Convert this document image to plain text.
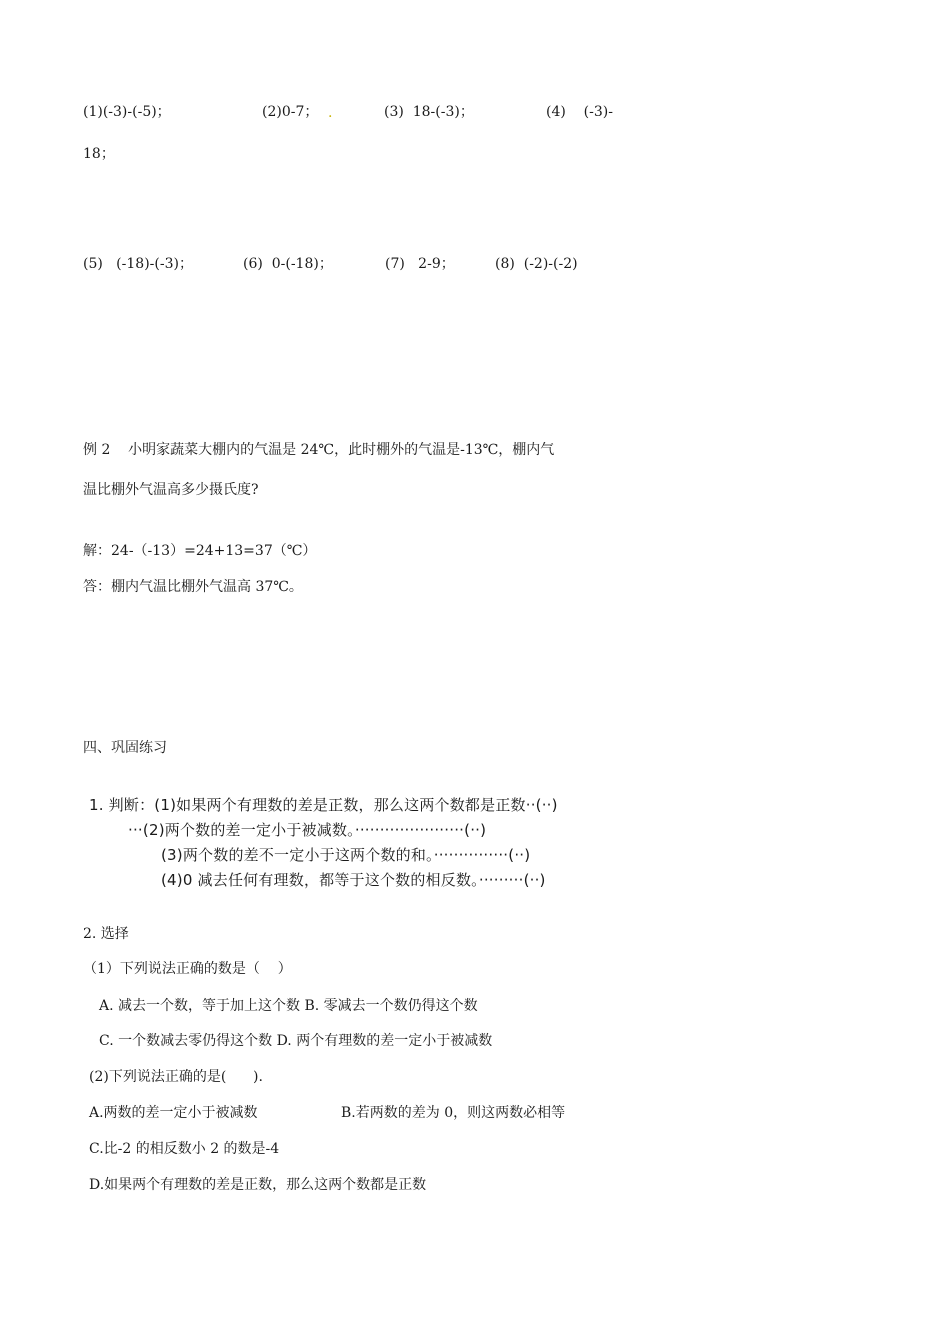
(1)(-3)-(-5)；	(2)0-7； .	(3)  18-(-3)；	(4)    (-3)-
18；
(5)   (-18)-(-3)；	(6)  0-(-18)；	(7)   2-9；	(8)  (-2)-(-2)
例 2    小明家蔬菜大棚内的气温是 24℃，此时棚外的气温是-13℃，棚内气
温比棚外气温高多少摄氏度?
解：24-（-13）=24+13=37（℃）
答：棚内气温比棚外气温高 37℃。
四、巩固练习
1. 判断：(1)如果两个有理数的差是正数，那么这两个数都是正数··(··)
···(2)两个数的差一定小于被减数。······················(··)
(3)两个数的差不一定小于这两个数的和。···············(··)
(4)0 减去任何有理数，都等于这个数的相反数。·········(··)
2. 选择
（1）下列说法正确的数是（    ）
A. 减去一个数，等于加上这个数 B. 零减去一个数仍得这个数
C. 一个数减去零仍得这个数 D. 两个有理数的差一定小于被减数
(2)下列说法正确的是(      ).
A.两数的差一定小于被减数	B.若两数的差为 0，则这两数必相等
C.比-2 的相反数小 2 的数是-4
D.如果两个有理数的差是正数，那么这两个数都是正数
